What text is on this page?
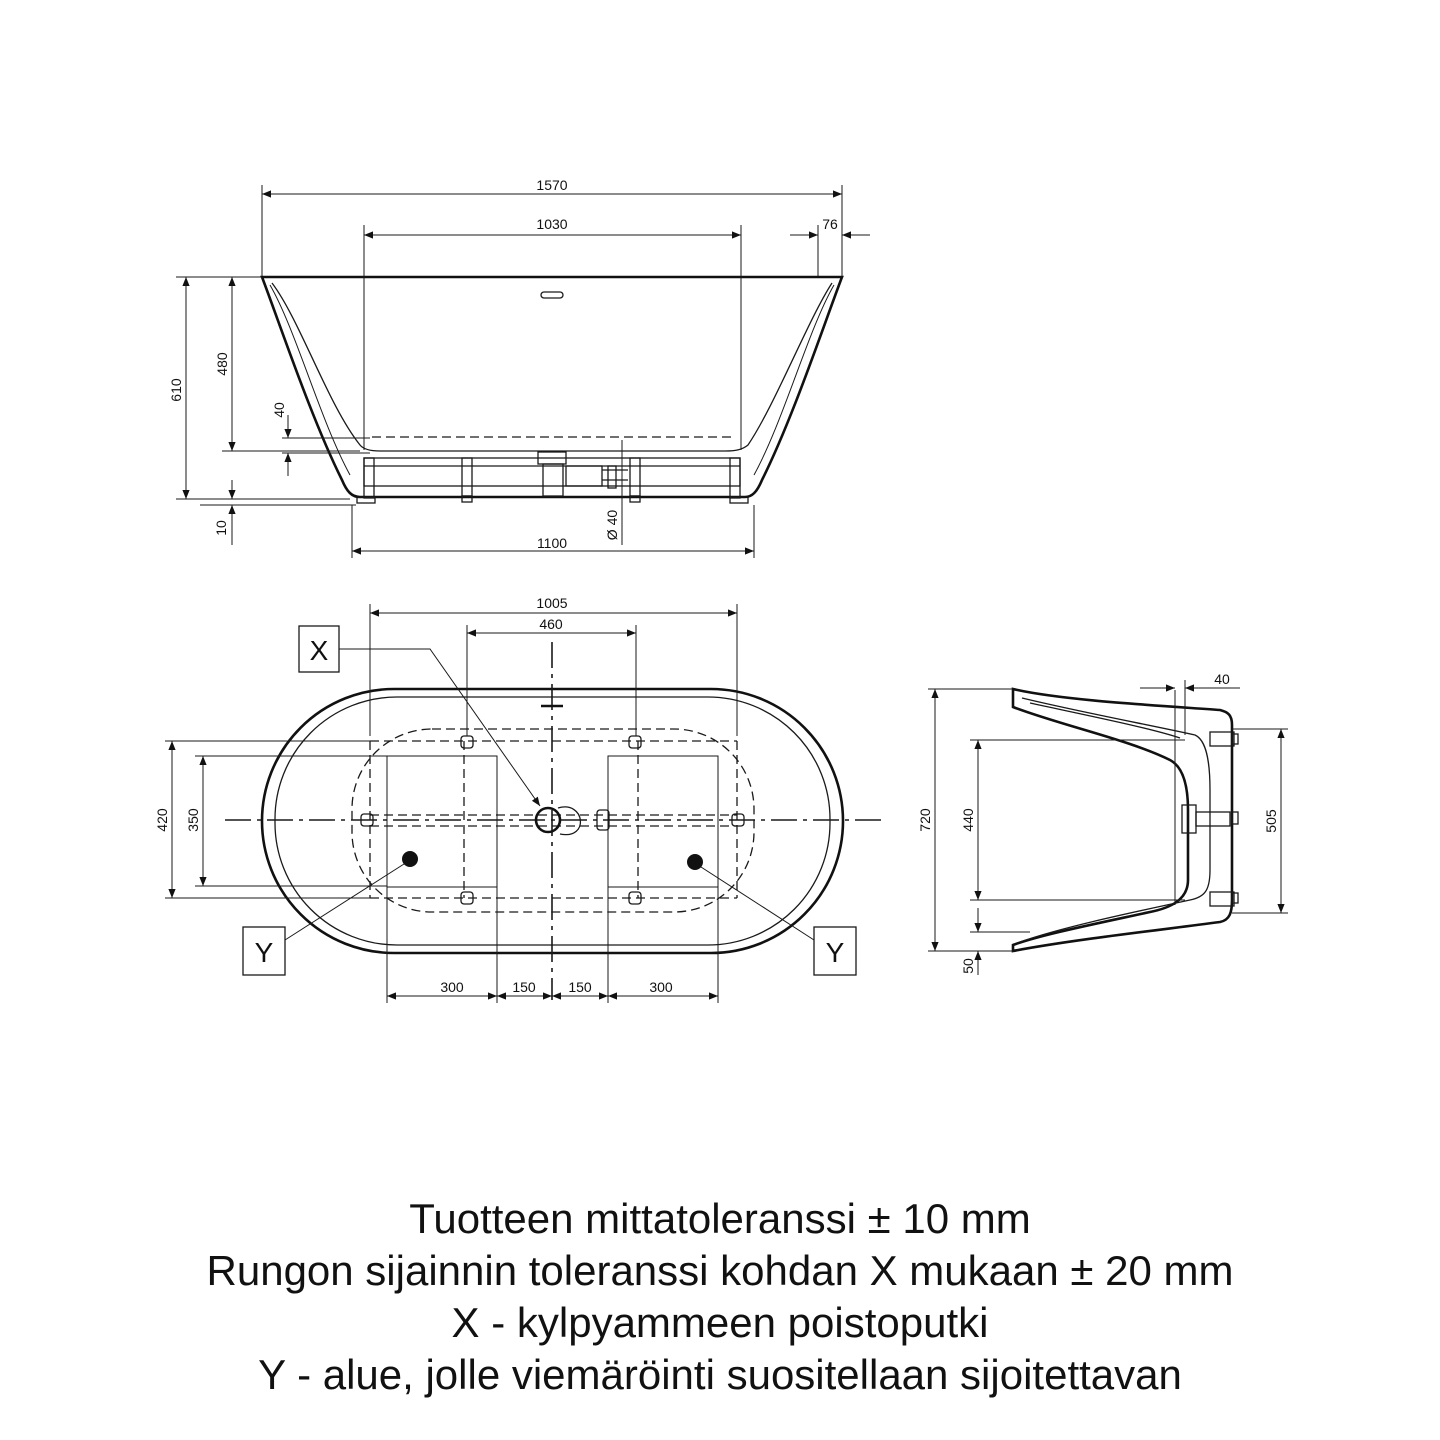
1570
1030	76
610
480
40
10	Ø 40
1100
X
Y	Y
1005
460
420 350
300	150 150	300
40
720 440	505
50
Tuotteen mittatoleranssi ± 10 mm
Rungon sijainnin toleranssi kohdan X mukaan ± 20 mm
X - kylpyammeen poistoputki
Y - alue, jolle viemäröinti suositellaan sijoitettavan
